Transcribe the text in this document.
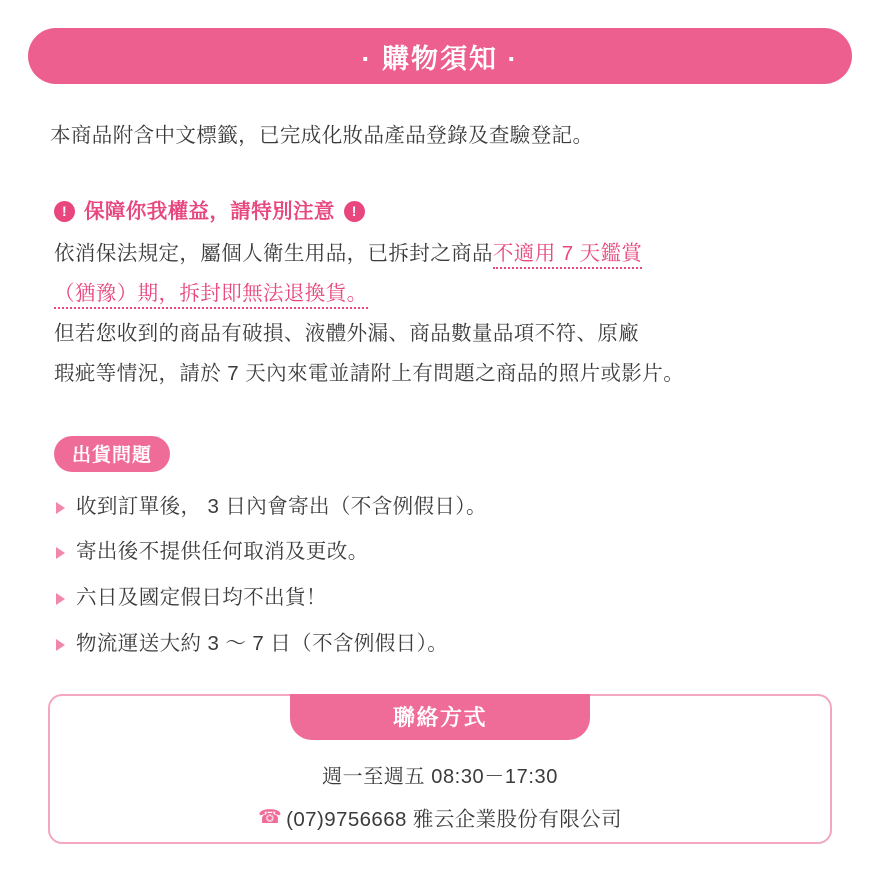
· 購物須知 ·
本商品附含中文標籤，已完成化妝品產品登錄及查驗登記。
! 保障你我權益，請特別注意	!
依消保法規定，屬個人衛生用品，已拆封之商品不適用 7 天鑑賞
（猶豫）期，拆封即無法退換貨。
但若您收到的商品有破損、液體外漏、商品數量品項不符、原廠
瑕疵等情況，請於 7 天內來電並請附上有問題之商品的照片或影片。
出貨問題
收到訂單後， 3 日內會寄出（不含例假日）。
寄出後不提供任何取消及更改。
六日及國定假日均不出貨！
物流運送大約 3 ～ 7 日（不含例假日）。
聯絡方式
週一至週五 08:30－17:30
☎ (07)9756668 雅云企業股份有限公司
